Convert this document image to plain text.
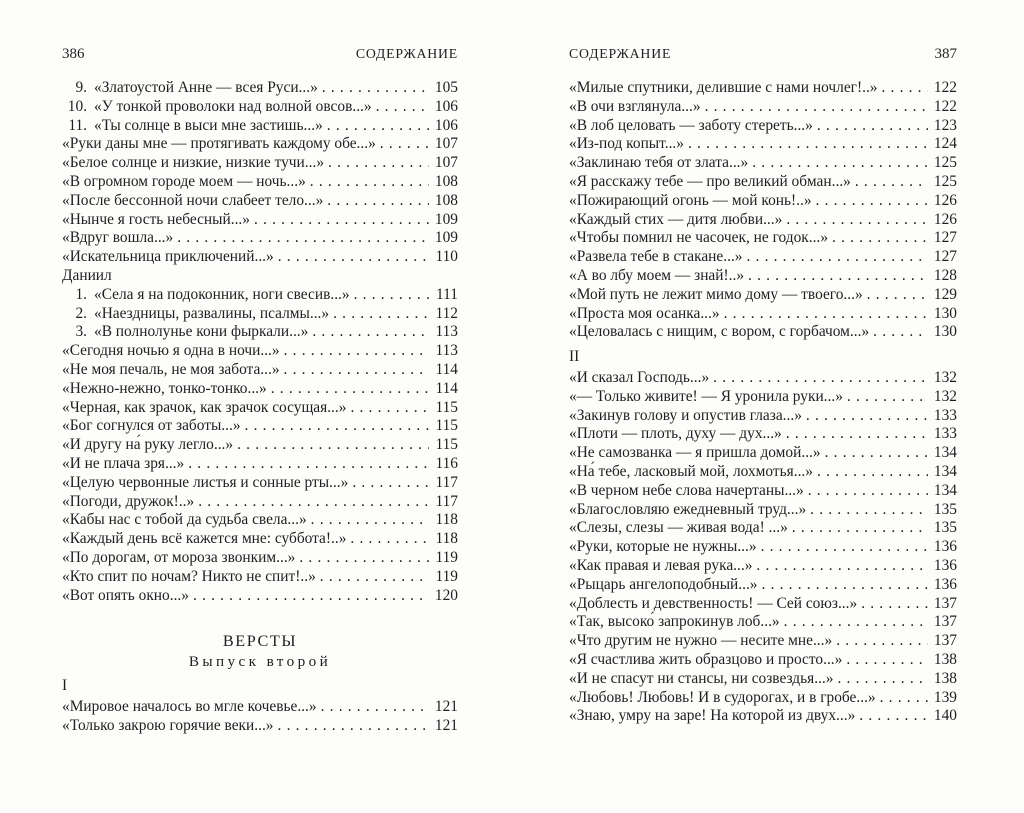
386	СОДЕРЖАНИЕ
9. «Златоустой Анне — всея Руси...» .....	105
10. «У тонкой проволоки над волной овсов...» .....	106
11. «Ты солнце в выси мне застишь...» .....	106
«Руки даны мне — протягивать каждому обе...» .....	107
«Белое солнце и низкие, низкие тучи...» .....	107
«В огромном городе моем — ночь...» .....	108
«После бессонной ночи слабеет тело...» .....	108
«Нынче я гость небесный...» .....	109
«Вдруг вошла...» .....	109
«Искательница приключений...» .....	110
Даниил
1. «Села я на подоконник, ноги свесив...» .....	111
2. «Наездницы, развалины, псалмы...» .....	112
3. «В полнолунье кони фыркали...» .....	113
«Сегодня ночью я одна в ночи...» .....	113
«Не моя печаль, не моя забота...» .....	114
«Нежно-нежно, тонко-тонко...» .....	114
«Черная, как зрачок, как зрачок сосущая...» .....	115
«Бог согнулся от заботы...» .....	115
«И другу на́ руку легло...» .....	115
«И не плача зря...» .....	116
«Целую червонные листья и сонные рты...» .....	117
«Погоди, дружок!..» .....	117
«Кабы нас с тобой да судьба свела...» .....	118
«Каждый день всё кажется мне: суббота!..» .....	118
«По дорогам, от мороза звонким...» .....	119
«Кто спит по ночам? Никто не спит!..» .....	119
«Вот опять окно...» .....	120
ВЕРСТЫ
Выпуск второй
I
«Мировое началось во мгле кочевье...» .....	121
«Только закрою горячие веки...» .....	121
СОДЕРЖАНИЕ	387
«Милые спутники, делившие с нами ночлег!..» .....	122
«В очи взглянула...» .....	122
«В лоб целовать — заботу стереть...» .....	123
«Из-под копыт...» .....	124
«Заклинаю тебя от злата...» .....	125
«Я расскажу тебе — про великий обман...» .....	125
«Пожирающий огонь — мой конь!..» .....	126
«Каждый стих — дитя любви...» .....	126
«Чтобы помнил не часочек, не годок...» .....	127
«Развела тебе в стакане...» .....	127
«А во лбу моем — знай!..» .....	128
«Мой путь не лежит мимо дому — твоего...» .....	129
«Проста моя осанка...» .....	130
«Целовалась с нищим, с вором, с горбачом...» .....	130
II
«И сказал Господь...» .....	132
«— Только живите! — Я уронила руки...» .....	132
«Закинув голову и опустив глаза...» .....	133
«Плоти — плоть, духу — дух...» .....	133
«Не самозванка — я пришла домой...» .....	134
«На́ тебе, ласковый мой, лохмотья...» .....	134
«В черном небе слова начертаны...» .....	134
«Благословляю ежедневный труд...» .....	135
«Слезы, слезы — живая вода! ...» .....	135
«Руки, которые не нужны...» .....	136
«Как правая и левая рука...» .....	136
«Рыцарь ангелоподобный...» .....	136
«Доблесть и девственность! — Сей союз...» .....	137
«Так, высоко́ запрокинув лоб...» .....	137
«Что другим не нужно — несите мне...» .....	137
«Я счастлива жить образцово и просто...» .....	138
«И не спасут ни стансы, ни созвездья...» .....	138
«Любовь! Любовь! И в судорогах, и в гробе...» .....	139
«Знаю, умру на заре! На которой из двух...» .....	140
